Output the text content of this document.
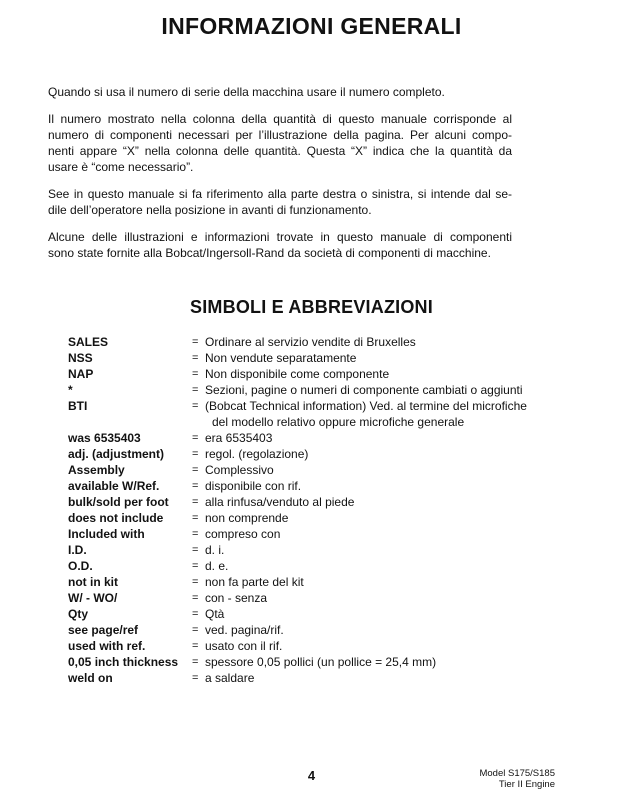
INFORMAZIONI GENERALI
Quando si usa il numero di serie della macchina usare il numero completo.
Il numero mostrato nella colonna della quantità di questo manuale corrisponde al
numero di componenti necessari per l’illustrazione della pagina. Per alcuni compo-
nenti appare “X” nella colonna delle quantità. Questa “X” indica che la quantità da
usare è “come necessario”.
See in questo manuale si fa riferimento alla parte destra o sinistra, si intende dal se-
dile dell’operatore nella posizione in avanti di funzionamento.
Alcune delle illustrazioni e informazioni trovate in questo manuale di componenti
sono state fornite alla Bobcat/Ingersoll-Rand da società di componenti di macchine.
SIMBOLI E ABBREVIAZIONI
SALES	= Ordinare al servizio vendite di Bruxelles
NSS	= Non vendute separatamente
NAP	= Non disponibile come componente
*	= Sezioni, pagine o numeri di componente cambiati o aggiunti
BTI	= (Bobcat Technical information) Ved. al termine del microfiche
del modello relativo oppure microfiche generale
was 6535403	= era 6535403
adj. (adjustment)	= regol. (regolazione)
Assembly	= Complessivo
available W/Ref.	= disponibile con rif.
bulk/sold per foot	= alla rinfusa/venduto al piede
does not include	= non comprende
Included with	= compreso con
I.D.	= d. i.
O.D.	= d. e.
not in kit	= non fa parte del kit
W/ - WO/	= con - senza
Qty	= Qtà
see page/ref	= ved. pagina/rif.
used with ref.	= usato con il rif.
0,05 inch thickness	= spessore 0,05 pollici (un pollice = 25,4 mm)
weld on	= a saldare
4	Model S175/S185
Tier II Engine
